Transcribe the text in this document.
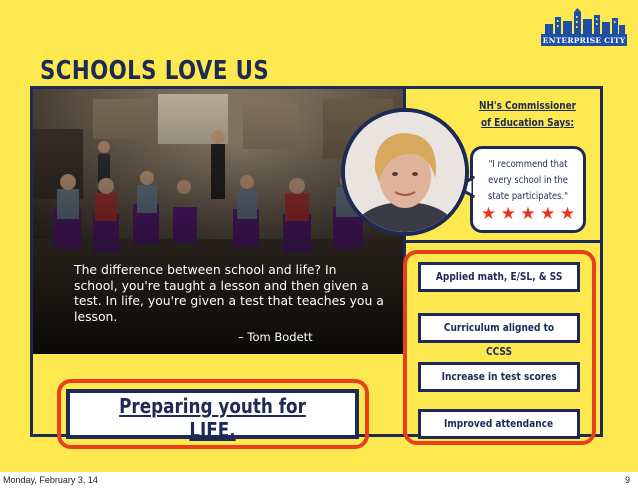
SCHOOLS LOVE US
ENTERPRISE CITY
The difference between school and life? In school, you're taught a lesson and then given a test. In life, you're given a test that teaches you a lesson.
– Tom Bodett
NH's Commissioner
of Education Says:
"I recommend that every school in the state participates."
★ ★ ★ ★ ★
Applied math, E/SL, & SS
Curriculum aligned to CCSS
Increase in test scores
Improved attendance
Preparing youth for LIFE.
Monday, February 3, 14	9
